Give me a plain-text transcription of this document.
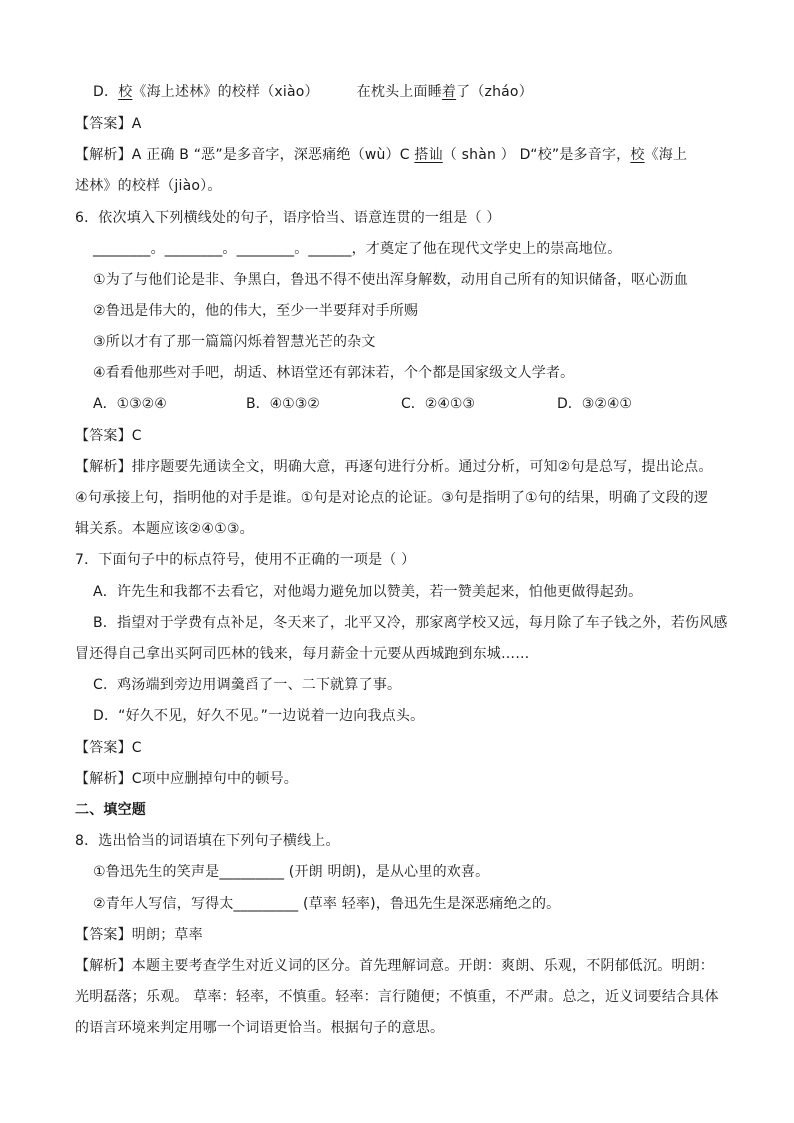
D．校《海上述林》的校样（xiào）	在枕头上面睡着了（zháo）
【答案】A
【解析】A 正确 B “恶”是多音字，深恶痛绝（wù）C 搭讪（ shàn ） D“校”是多音字，校《海上
述林》的校样（jiào）。
6．依次填入下列横线处的句子，语序恰当、语意连贯的一组是（ ）
________。________。________。______，才奠定了他在现代文学史上的崇高地位。
①为了与他们论是非、争黑白，鲁迅不得不使出浑身解数，动用自己所有的知识储备，呕心沥血
②鲁迅是伟大的，他的伟大，至少一半要拜对手所赐
③所以才有了那一篇篇闪烁着智慧光芒的杂文
④看看他那些对手吧，胡适、林语堂还有郭沫若，个个都是国家级文人学者。
A．①③②④	B．④①③②	C．②④①③	D．③②④①
【答案】C
【解析】排序题要先通读全文，明确大意，再逐句进行分析。通过分析，可知②句是总写，提出论点。
④句承接上句，指明他的对手是谁。①句是对论点的论证。③句是指明了①句的结果，明确了文段的逻
辑关系。本题应该②④①③。
7．下面句子中的标点符号，使用不正确的一项是（ ）
A．许先生和我都不去看它，对他竭力避免加以赞美，若一赞美起来，怕他更做得起劲。
B．指望对于学费有点补足，冬天来了，北平又冷，那家离学校又远，每月除了车子钱之外，若伤风感
冒还得自己拿出买阿司匹林的钱来，每月薪金十元要从西城跑到东城……
C．鸡汤端到旁边用调羹舀了一、二下就算了事。
D．“好久不见，好久不见。”一边说着一边向我点头。
【答案】C
【解析】C项中应删掉句中的顿号。
二、填空题
8．选出恰当的词语填在下列句子横线上。
①鲁迅先生的笑声是_________ (开朗 明朗)，是从心里的欢喜。
②青年人写信，写得太_________ (草率 轻率)，鲁迅先生是深恶痛绝之的。
【答案】明朗；草率
【解析】本题主要考查学生对近义词的区分。首先理解词意。开朗：爽朗、乐观，不阴郁低沉。明朗：
光明磊落；乐观。 草率：轻率，不慎重。轻率：言行随便；不慎重，不严肃。总之，近义词要结合具体
的语言环境来判定用哪一个词语更恰当。根据句子的意思。
